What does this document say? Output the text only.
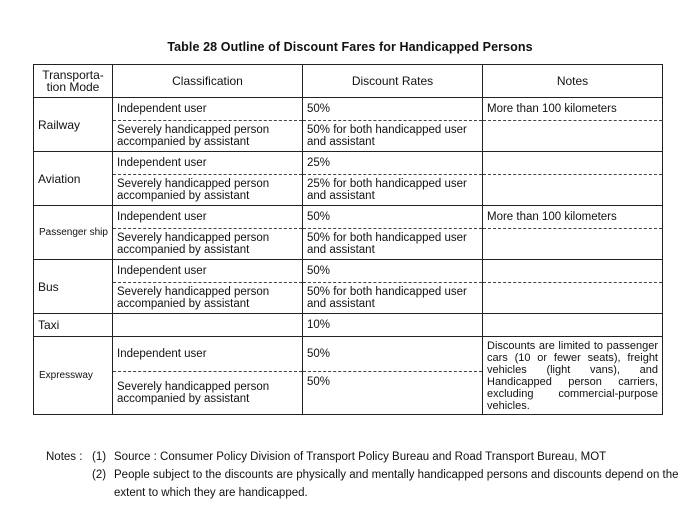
Table 28 Outline of Discount Fares for Handicapped Persons
Transporta-tion Mode	Classification	Discount Rates	Notes
Railway	Independent user	50%	More than 100 kilometers
	Severely handicapped person accompanied by assistant	50% for both handicapped user and assistant	
Aviation	Independent user	25%	
	Severely handicapped person accompanied by assistant	25% for both handicapped user and assistant	
Passenger ship	Independent user	50%	More than 100 kilometers
	Severely handicapped person accompanied by assistant	50% for both handicapped user and assistant	
Bus	Independent user	50%	
	Severely handicapped person accompanied by assistant	50% for both handicapped user and assistant	
Taxi		10%	
Expressway	Independent user	50%	Discounts are limited to passenger cars (10 or fewer seats), freight vehicles (light vans), and Handicapped person carriers, excluding commercial-purpose vehicles.
	Severely handicapped person accompanied by assistant	50%	
Notes : (1) Source : Consumer Policy Division of Transport Policy Bureau and Road Transport Bureau, MOT
(2) People subject to the discounts are physically and mentally handicapped persons and discounts depend on the extent to which they are handicapped.
